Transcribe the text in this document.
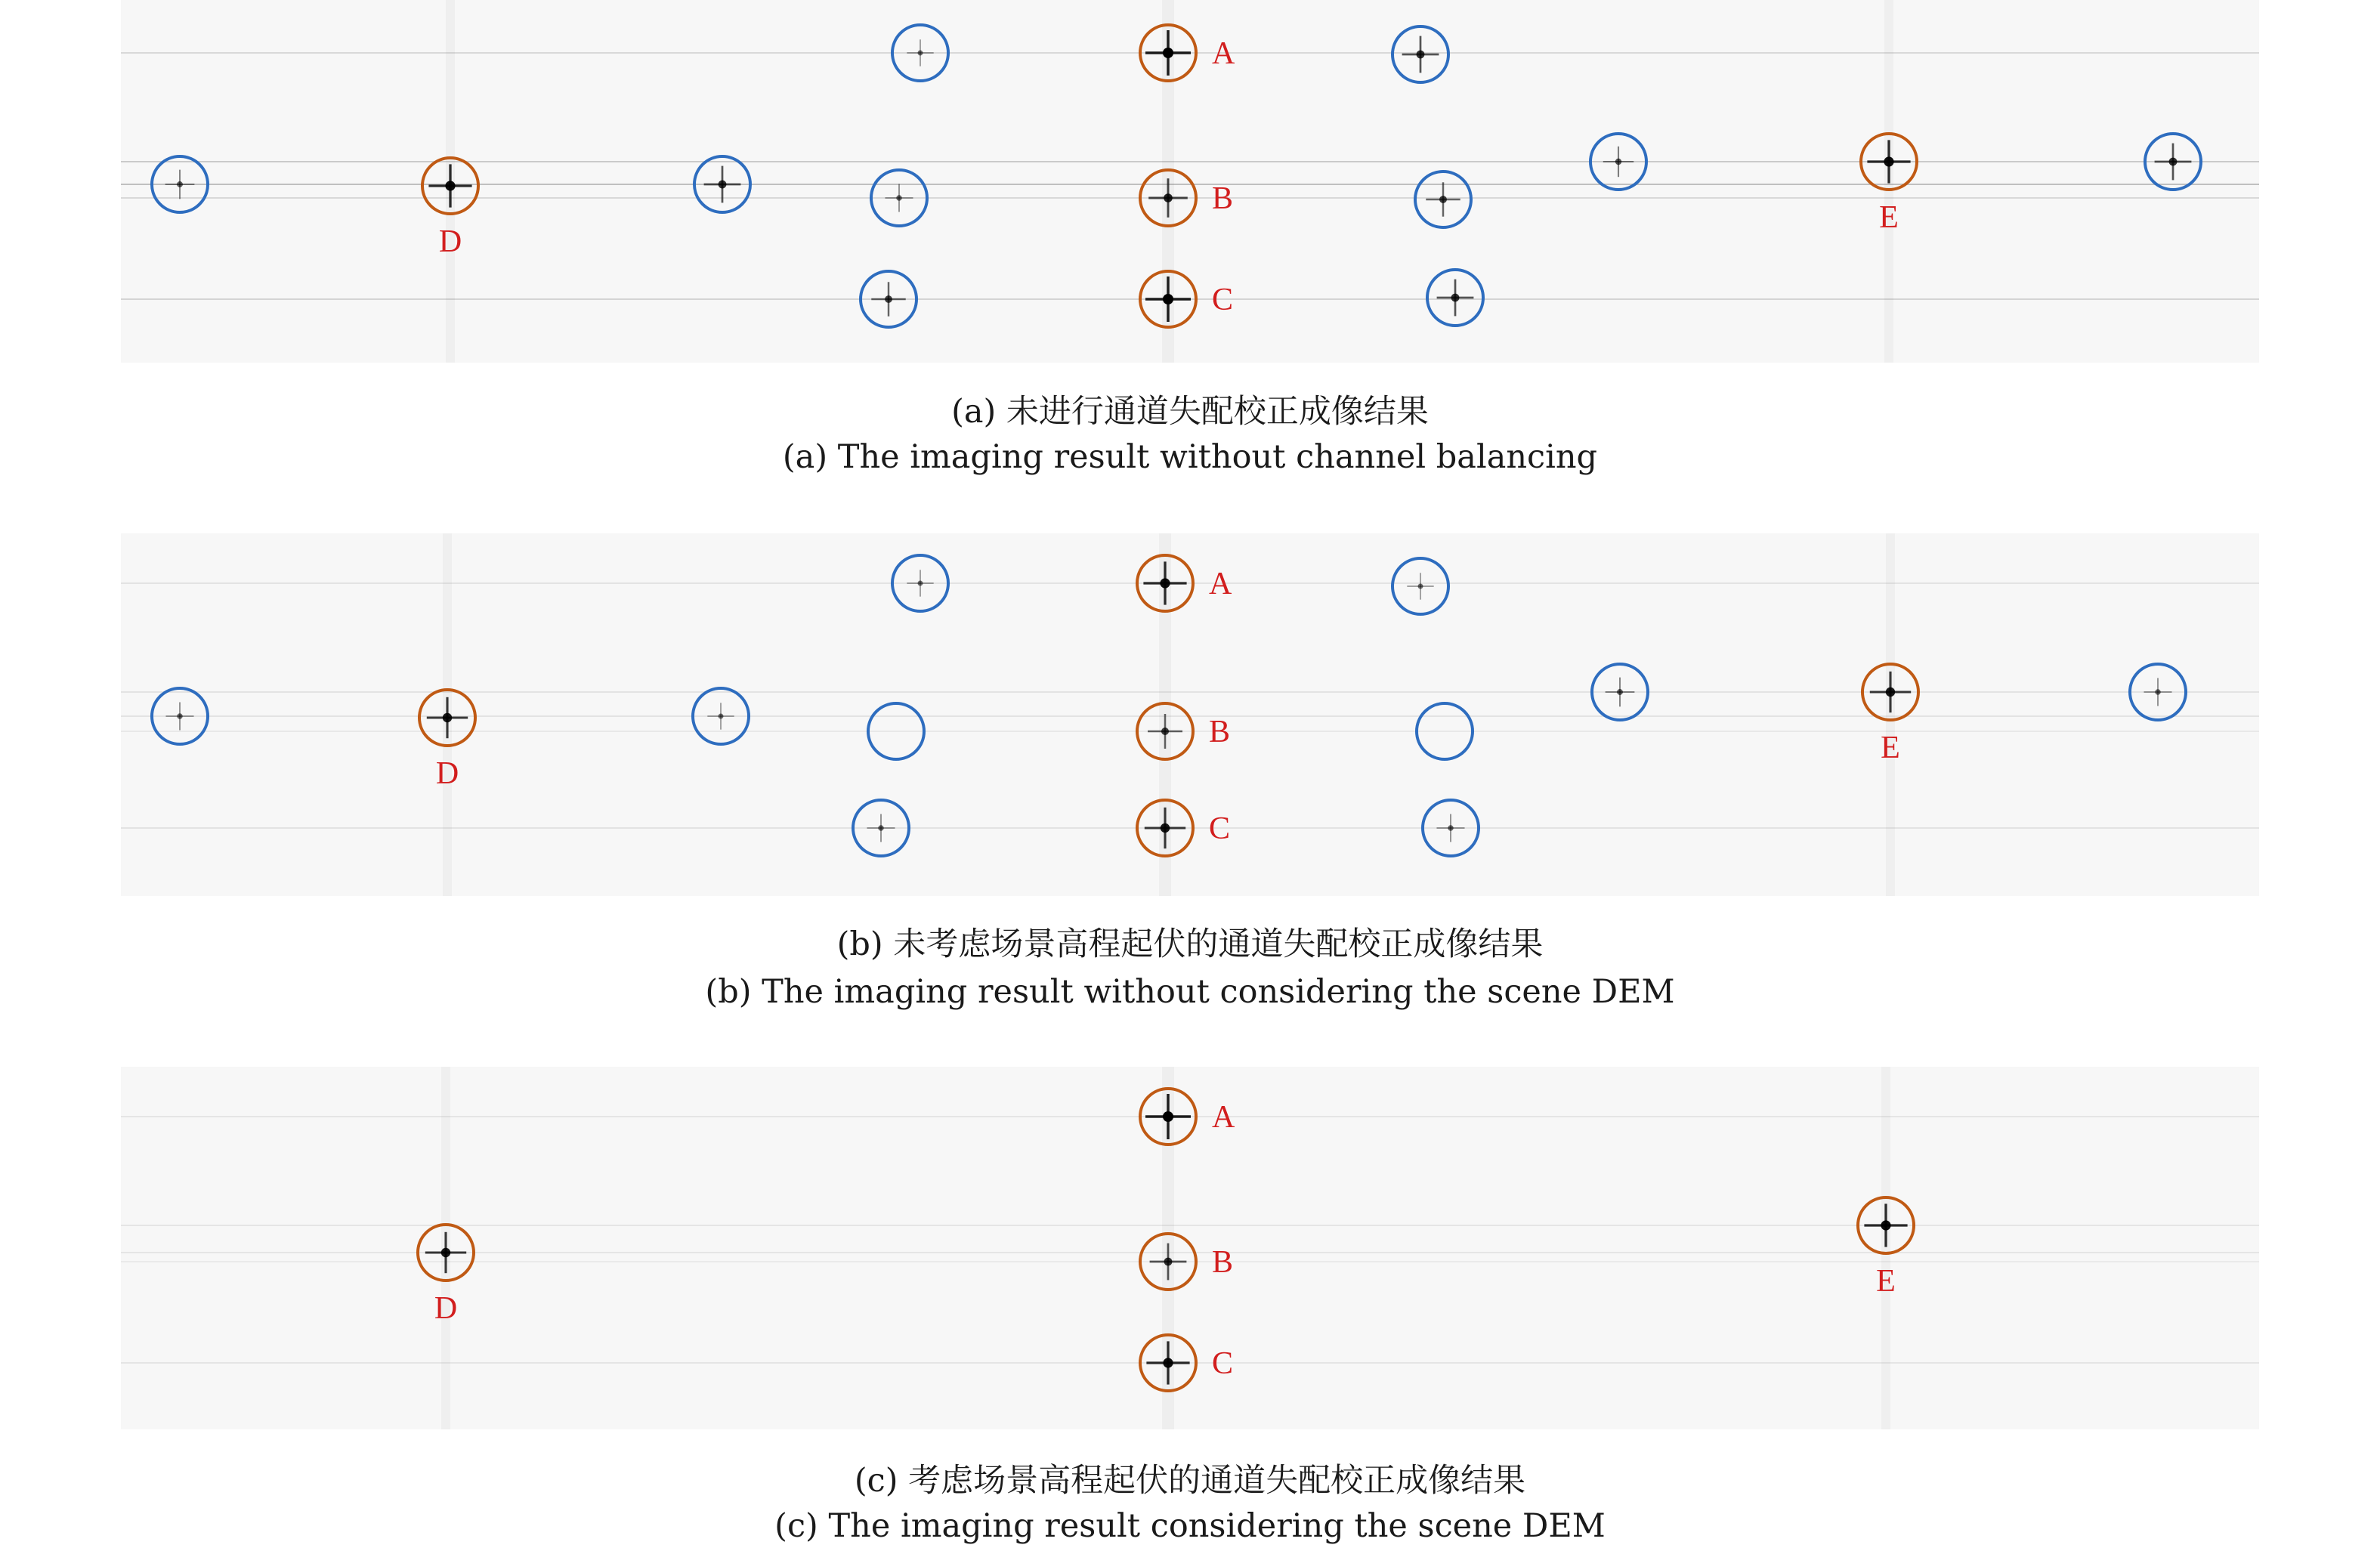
A
B
C
D
E
(a) 未进行通道失配校正成像结果
(a) The imaging result without channel balancing
A
B
C
D
E
(b) 未考虑场景高程起伏的通道失配校正成像结果
(b) The imaging result without considering the scene DEM
A
B
C
D
E
(c) 考虑场景高程起伏的通道失配校正成像结果
(c) The imaging result considering the scene DEM
